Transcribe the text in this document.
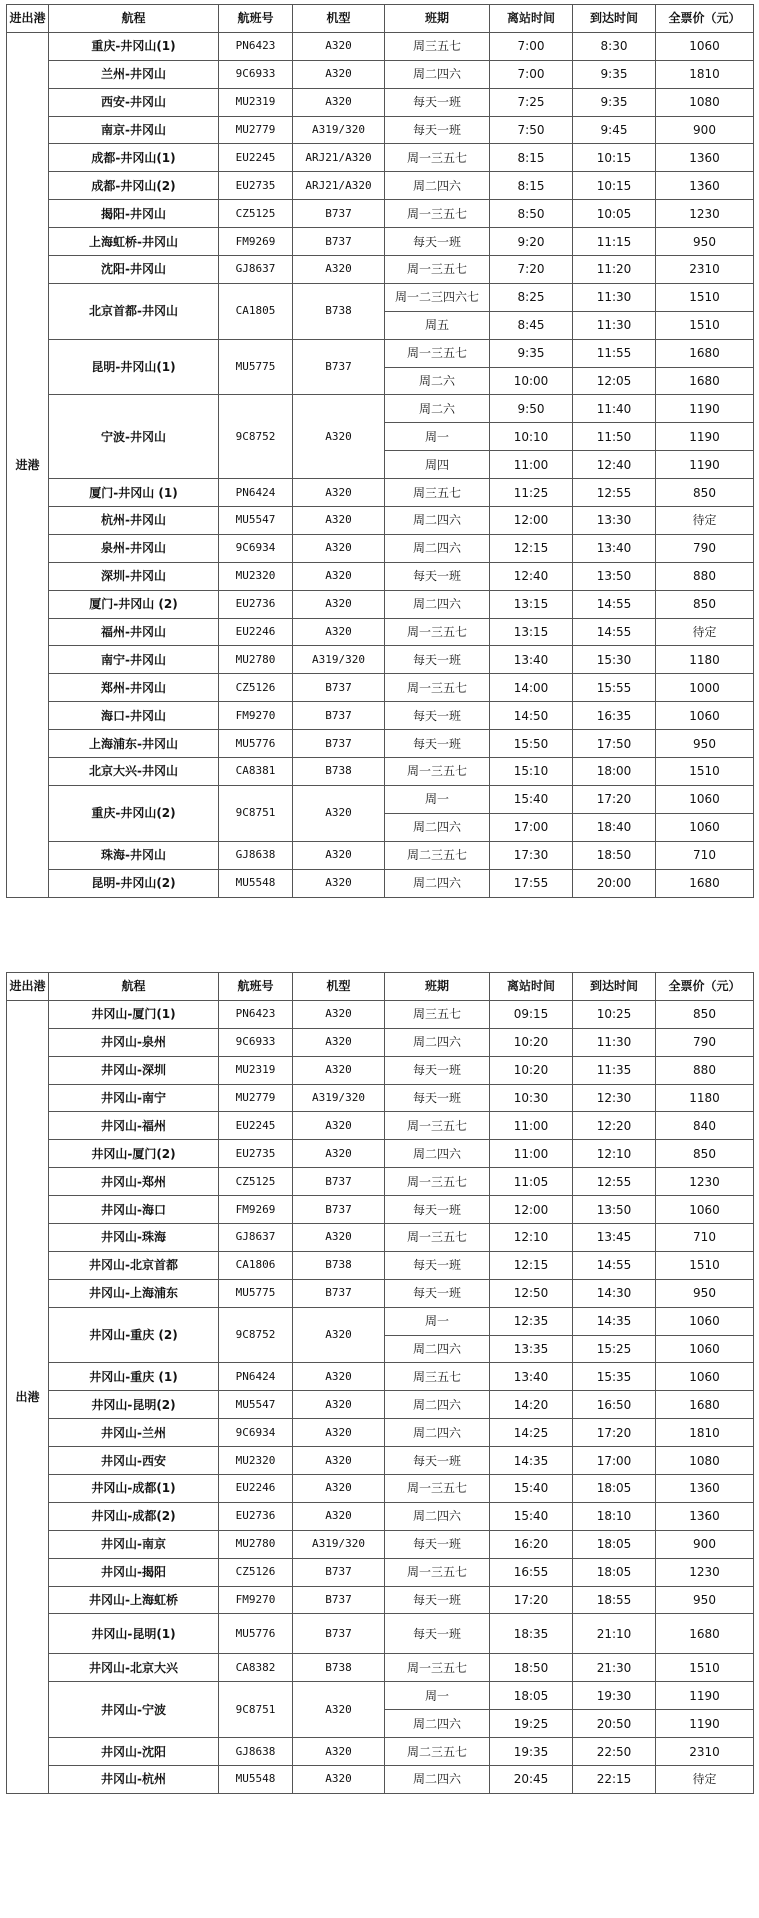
进出港	航程	航班号	机型	班期	离站时间	到达时间	全票价（元）
进港	重庆-井冈山(1)	PN6423	A320	周三五七	7:00	8:30	1060
	兰州-井冈山	9C6933	A320	周二四六	7:00	9:35	1810
	西安-井冈山	MU2319	A320	每天一班	7:25	9:35	1080
	南京-井冈山	MU2779	A319/320	每天一班	7:50	9:45	900
	成都-井冈山(1)	EU2245	ARJ21/A320	周一三五七	8:15	10:15	1360
	成都-井冈山(2)	EU2735	ARJ21/A320	周二四六	8:15	10:15	1360
	揭阳-井冈山	CZ5125	B737	周一三五七	8:50	10:05	1230
	上海虹桥-井冈山	FM9269	B737	每天一班	9:20	11:15	950
	沈阳-井冈山	GJ8637	A320	周一三五七	7:20	11:20	2310
	北京首都-井冈山	CA1805	B738	周一二三四六七	8:25	11:30	1510
				周五	8:45	11:30	1510
	昆明-井冈山(1)	MU5775	B737	周一三五七	9:35	11:55	1680
				周二六	10:00	12:05	1680
	宁波-井冈山	9C8752	A320	周二六	9:50	11:40	1190
				周一	10:10	11:50	1190
				周四	11:00	12:40	1190
	厦门-井冈山 (1)	PN6424	A320	周三五七	11:25	12:55	850
	杭州-井冈山	MU5547	A320	周二四六	12:00	13:30	待定
	泉州-井冈山	9C6934	A320	周二四六	12:15	13:40	790
	深圳-井冈山	MU2320	A320	每天一班	12:40	13:50	880
	厦门-井冈山 (2)	EU2736	A320	周二四六	13:15	14:55	850
	福州-井冈山	EU2246	A320	周一三五七	13:15	14:55	待定
	南宁-井冈山	MU2780	A319/320	每天一班	13:40	15:30	1180
	郑州-井冈山	CZ5126	B737	周一三五七	14:00	15:55	1000
	海口-井冈山	FM9270	B737	每天一班	14:50	16:35	1060
	上海浦东-井冈山	MU5776	B737	每天一班	15:50	17:50	950
	北京大兴-井冈山	CA8381	B738	周一三五七	15:10	18:00	1510
	重庆-井冈山(2)	9C8751	A320	周一	15:40	17:20	1060
				周二四六	17:00	18:40	1060
	珠海-井冈山	GJ8638	A320	周二三五七	17:30	18:50	710
	昆明-井冈山(2)	MU5548	A320	周二四六	17:55	20:00	1680
进出港	航程	航班号	机型	班期	离站时间	到达时间	全票价（元）
出港	井冈山-厦门(1)	PN6423	A320	周三五七	09:15	10:25	850
	井冈山-泉州	9C6933	A320	周二四六	10:20	11:30	790
	井冈山-深圳	MU2319	A320	每天一班	10:20	11:35	880
	井冈山-南宁	MU2779	A319/320	每天一班	10:30	12:30	1180
	井冈山-福州	EU2245	A320	周一三五七	11:00	12:20	840
	井冈山-厦门(2)	EU2735	A320	周二四六	11:00	12:10	850
	井冈山-郑州	CZ5125	B737	周一三五七	11:05	12:55	1230
	井冈山-海口	FM9269	B737	每天一班	12:00	13:50	1060
	井冈山-珠海	GJ8637	A320	周一三五七	12:10	13:45	710
	井冈山-北京首都	CA1806	B738	每天一班	12:15	14:55	1510
	井冈山-上海浦东	MU5775	B737	每天一班	12:50	14:30	950
	井冈山-重庆 (2)	9C8752	A320	周一	12:35	14:35	1060
				周二四六	13:35	15:25	1060
	井冈山-重庆 (1)	PN6424	A320	周三五七	13:40	15:35	1060
	井冈山-昆明(2)	MU5547	A320	周二四六	14:20	16:50	1680
	井冈山-兰州	9C6934	A320	周二四六	14:25	17:20	1810
	井冈山-西安	MU2320	A320	每天一班	14:35	17:00	1080
	井冈山-成都(1)	EU2246	A320	周一三五七	15:40	18:05	1360
	井冈山-成都(2)	EU2736	A320	周二四六	15:40	18:10	1360
	井冈山-南京	MU2780	A319/320	每天一班	16:20	18:05	900
	井冈山-揭阳	CZ5126	B737	周一三五七	16:55	18:05	1230
	井冈山-上海虹桥	FM9270	B737	每天一班	17:20	18:55	950
	井冈山-昆明(1)	MU5776	B737	每天一班	18:35	21:10	1680
	井冈山-北京大兴	CA8382	B738	周一三五七	18:50	21:30	1510
	井冈山-宁波	9C8751	A320	周一	18:05	19:30	1190
				周二四六	19:25	20:50	1190
	井冈山-沈阳	GJ8638	A320	周二三五七	19:35	22:50	2310
	井冈山-杭州	MU5548	A320	周二四六	20:45	22:15	待定
